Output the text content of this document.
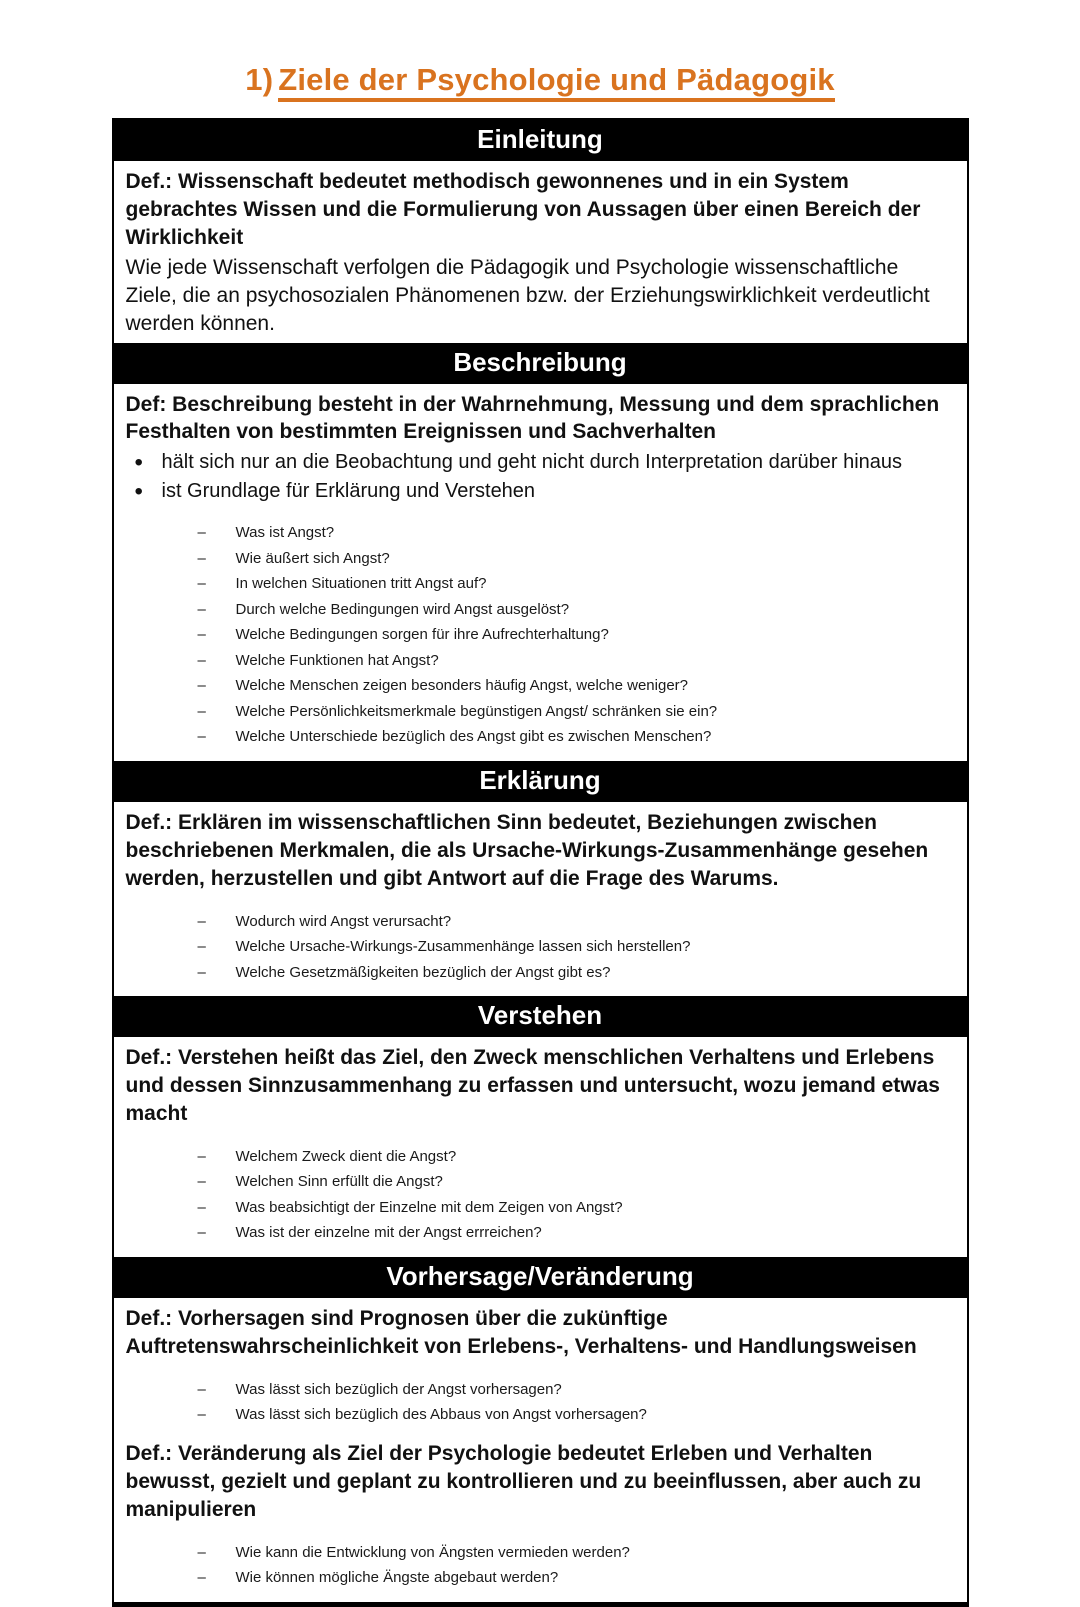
1) Ziele der Psychologie und Pädagogik
Einleitung

Def.: Wissenschaft bedeutet methodisch gewonnenes und in ein System gebrachtes Wissen und die Formulierung von Aussagen über einen Bereich der Wirklichkeit

Wie jede Wissenschaft verfolgen die Pädagogik und Psychologie wissenschaftliche Ziele, die an psychosozialen Phänomenen bzw. der Erziehungswirklichkeit verdeutlicht werden können.

Beschreibung

Def: Beschreibung besteht in der Wahrnehmung, Messung und dem sprachlichen Festhalten von bestimmten Ereignissen und Sachverhalten

• hält sich nur an die Beobachtung und geht nicht durch Interpretation darüber hinaus
• ist Grundlage für Erklärung und Verstehen
– Was ist Angst?
– Wie äußert sich Angst?
– In welchen Situationen tritt Angst auf?
– Durch welche Bedingungen wird Angst ausgelöst?
– Welche Bedingungen sorgen für ihre Aufrechterhaltung?
– Welche Funktionen hat Angst?
– Welche Menschen zeigen besonders häufig Angst, welche weniger?
– Welche Persönlichkeitsmerkmale begünstigen Angst/ schränken sie ein?
– Welche Unterschiede bezüglich des Angst gibt es zwischen Menschen?
Erklärung

Def.: Erklären im wissenschaftlichen Sinn bedeutet, Beziehungen zwischen beschriebenen Merkmalen, die als Ursache-Wirkungs-Zusammenhänge gesehen werden, herzustellen und gibt Antwort auf die Frage des Warums.

– Wodurch wird Angst verursacht?
– Welche Ursache-Wirkungs-Zusammenhänge lassen sich herstellen?
– Welche Gesetzmäßigkeiten bezüglich der Angst gibt es?
Verstehen

Def.: Verstehen heißt das Ziel, den Zweck menschlichen Verhaltens und Erlebens und dessen Sinnzusammenhang zu erfassen und untersucht, wozu jemand etwas macht

– Welchem Zweck dient die Angst?
– Welchen Sinn erfüllt die Angst?
– Was beabsichtigt der Einzelne mit dem Zeigen von Angst?
– Was ist der einzelne mit der Angst errreichen?
Vorhersage/Veränderung

Def.: Vorhersagen sind Prognosen über die zukünftige Auftretenswahrscheinlichkeit von Erlebens-, Verhaltens- und Handlungsweisen

– Was lässt sich bezüglich der Angst vorhersagen?
– Was lässt sich bezüglich des Abbaus von Angst vorhersagen?

Def.: Veränderung als Ziel der Psychologie bedeutet Erleben und Verhalten bewusst, gezielt und geplant zu kontrollieren und zu beeinflussen, aber auch zu manipulieren

– Wie kann die Entwicklung von Ängsten vermieden werden?
– Wie können mögliche Ängste abgebaut werden?
